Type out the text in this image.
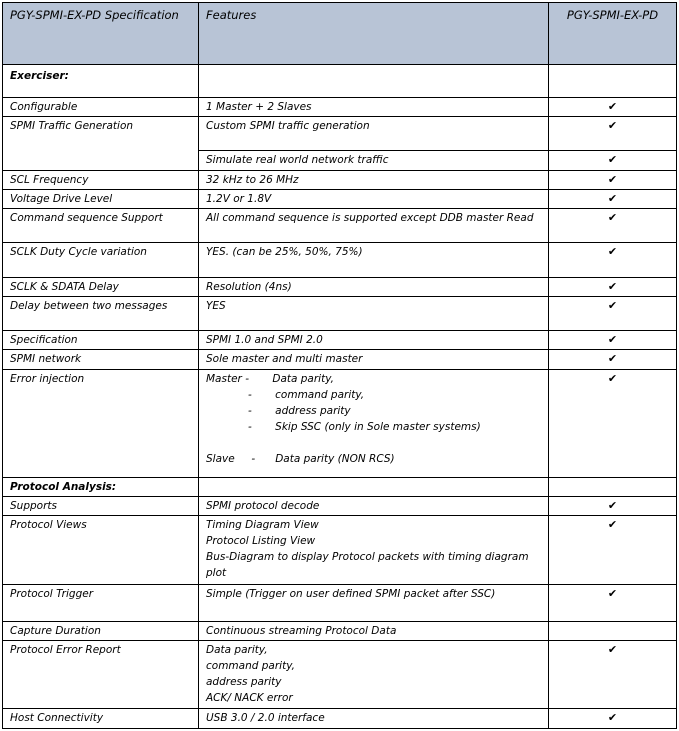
PGY-SPMI-EX-PD Specification	Features	PGY-SPMI-EX-PD
Exerciser:		
Configurable	1 Master + 2 Slaves	✔
SPMI Traffic Generation	Custom SPMI traffic generation	✔
	Simulate real world network traffic	✔
SCL Frequency	32 kHz to 26 MHz	✔
Voltage Drive Level	1.2V or 1.8V	✔
Command sequence Support	All command sequence is supported except DDB master Read	✔
SCLK Duty Cycle variation	YES. (can be 25%, 50%, 75%)	✔
SCLK & SDATA Delay	Resolution (4ns)	✔
Delay between two messages	YES	✔
Specification	SPMI 1.0 and SPMI 2.0	✔
SPMI network	Sole master and multi master	✔
Error injection	Master - Data parity,
-       command parity,
-       address parity
-       Skip SSC (only in Sole master systems)
Slave     -      Data parity (NON RCS)	✔
Protocol Analysis:		
Supports	SPMI protocol decode	✔
Protocol Views	Timing Diagram View
Protocol Listing View
Bus-Diagram to display Protocol packets with timing diagram plot	✔
Protocol Trigger	Simple (Trigger on user defined SPMI packet after SSC)	✔
Capture Duration	Continuous streaming Protocol Data	
Protocol Error Report	Data parity,
command parity,
address parity
ACK/ NACK error	✔
Host Connectivity	USB 3.0 / 2.0 interface	✔
